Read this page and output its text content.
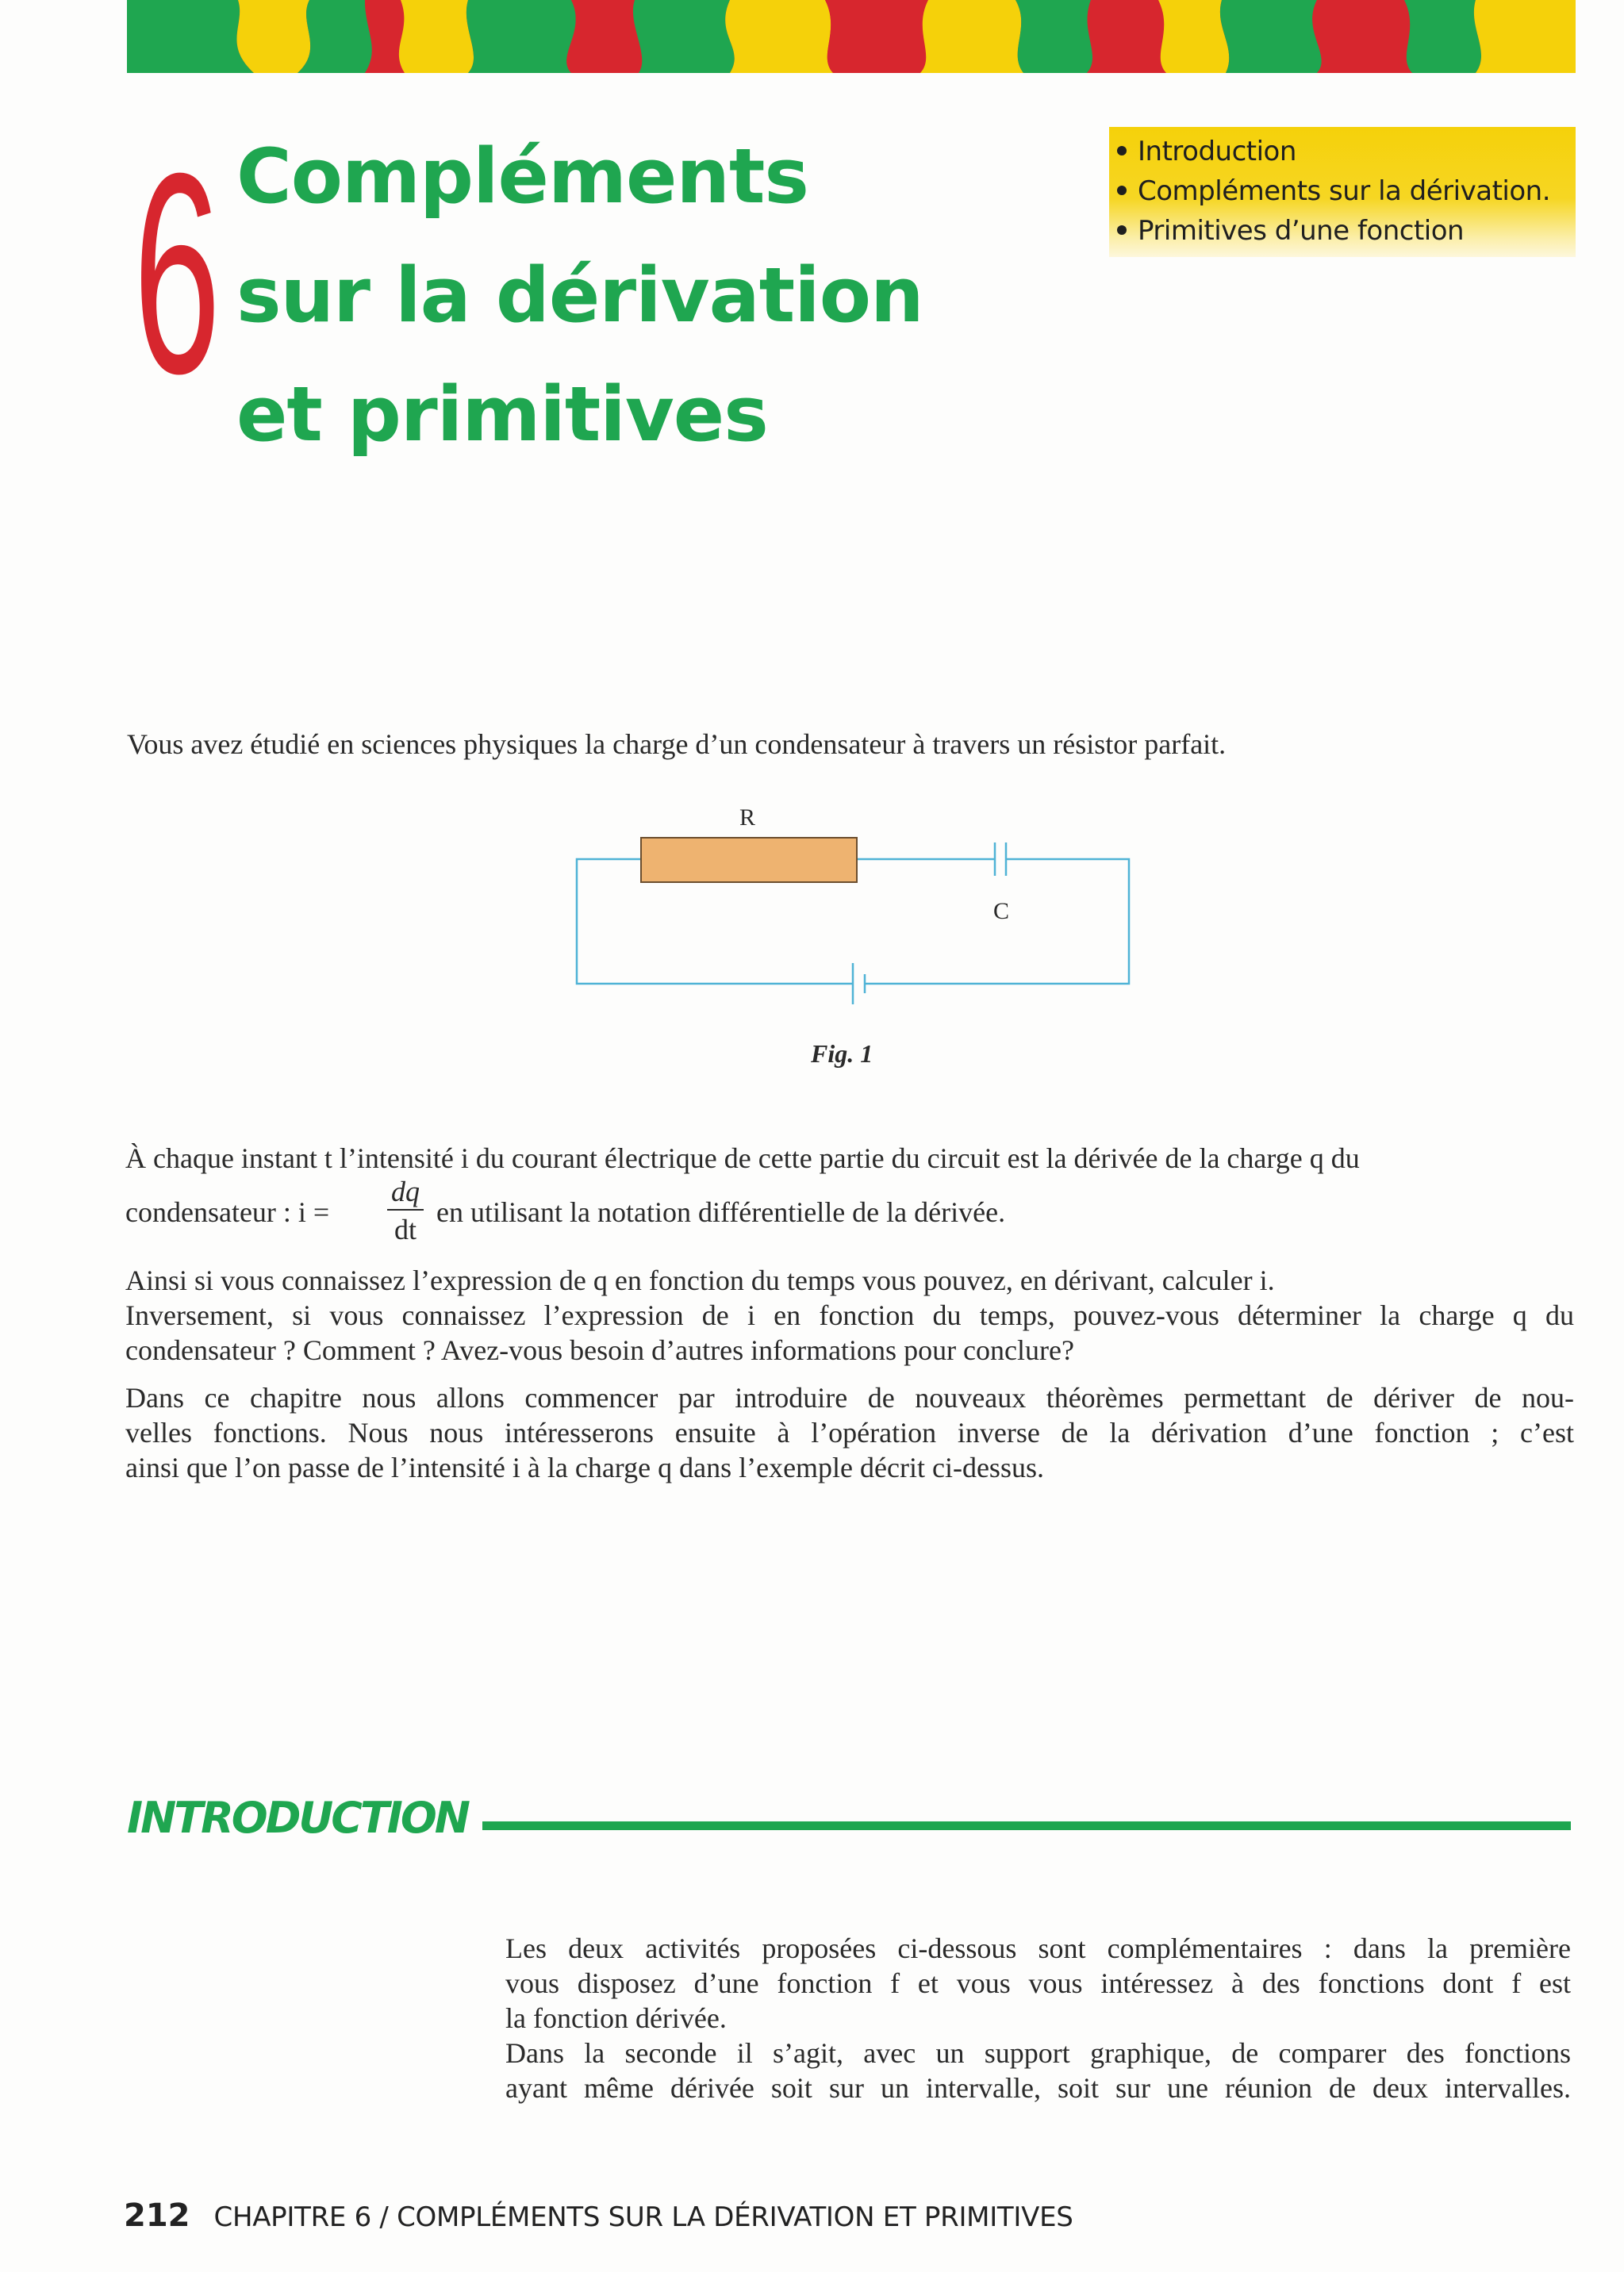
6 Compléments
sur la dérivation
et primitives
Introduction
Compléments sur la dérivation.
Primitives d’une fonction
Vous avez étudié en sciences physiques la charge d’un condensateur à travers un résistor parfait.
R
C
Fig. 1
À chaque instant t l’intensité i du courant électrique de cette partie du circuit est la dérivée de la charge q du
condensateur : i =
dq
dt
en utilisant la notation différentielle de la dérivée.
Ainsi si vous connaissez l’expression de q en fonction du temps vous pouvez, en dérivant, calculer i.
Inversement, si vous connaissez l’expression de i en fonction du temps, pouvez-vous déterminer la charge q du
condensateur ? Comment ? Avez-vous besoin d’autres informations pour conclure?
Dans ce chapitre nous allons commencer par introduire de nouveaux théorèmes permettant de dériver de nou-
velles fonctions. Nous nous intéresserons ensuite à l’opération inverse de la dérivation d’une fonction ; c’est
ainsi que l’on passe de l’intensité i à la charge q dans l’exemple décrit ci-dessus.
INTRODUCTION
Les deux activités proposées ci-dessous sont complémentaires : dans la première
vous disposez d’une fonction f et vous vous intéressez à des fonctions dont f est
la fonction dérivée.
Dans la seconde il s’agit, avec un support graphique, de comparer des fonctions
ayant même dérivée soit sur un intervalle, soit sur une réunion de deux intervalles.
212 CHAPITRE 6 / COMPLÉMENTS SUR LA DÉRIVATION ET PRIMITIVES
